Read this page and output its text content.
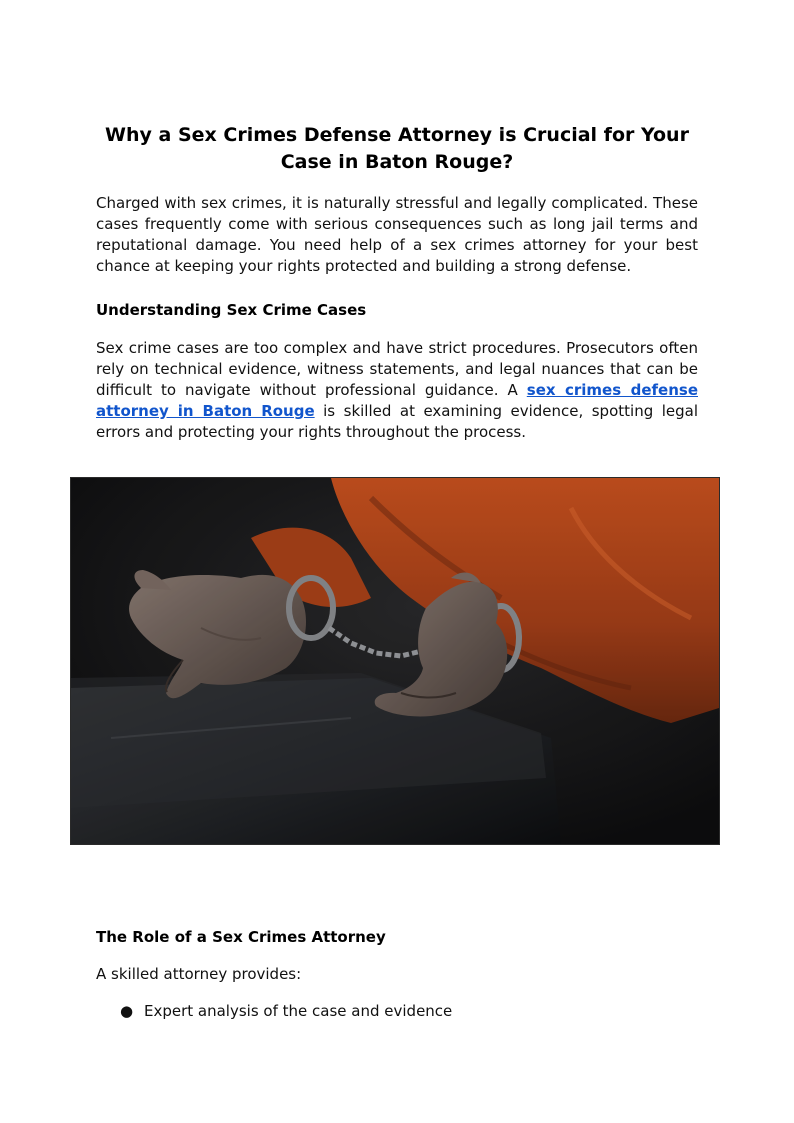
Why a Sex Crimes Defense Attorney is Crucial for Your Case in Baton Rouge?

Charged with sex crimes, it is naturally stressful and legally complicated. These cases frequently come with serious consequences such as long jail terms and reputational damage. You need help of a sex crimes attorney for your best chance at keeping your rights protected and building a strong defense.

Understanding Sex Crime Cases

Sex crime cases are too complex and have strict procedures. Prosecutors often rely on technical evidence, witness statements, and legal nuances that can be difficult to navigate without professional guidance. A sex crimes defense attorney in Baton Rouge is skilled at examining evidence, spotting legal errors and protecting your rights throughout the process.

The Role of a Sex Crimes Attorney

A skilled attorney provides:

● Expert analysis of the case and evidence
